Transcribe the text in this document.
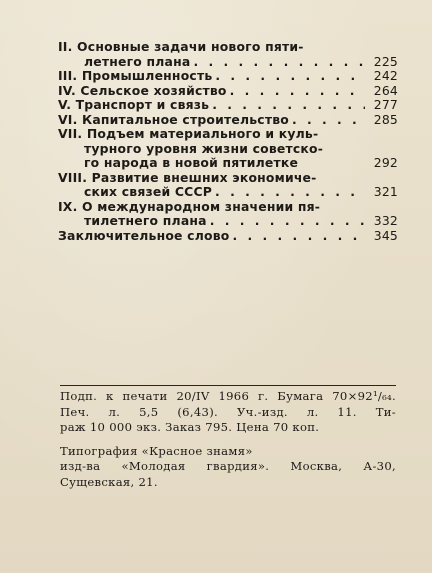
II. Основные задачи нового пяти-
летнего плана . . .	225
III. Промышленность . . .	242
IV. Сельское хозяйство . . .	264
V. Транспорт и связь . . .	277
VI. Капитальное строительство . . .	285
VII. Подъем материального и куль-
турного уровня жизни советско-
го народа в новой пятилетке	292
VIII. Развитие внешних экономиче-
ских связей СССР . . .	321
IX. О международном значении пя-
тилетнего плана . . .	332
Заключительное слово . . .	345
Подп. к печати 20/IV 1966 г. Бумага 70×92¹/₆₄.
Печ. л. 5,5 (6,43). Уч.-изд. л. 11. Ти-
раж 10 000 экз. Заказ 795. Цена 70 коп.
Типография «Красное знамя»
изд-ва «Молодая гвардия». Москва, А-30,
Сущевская, 21.
